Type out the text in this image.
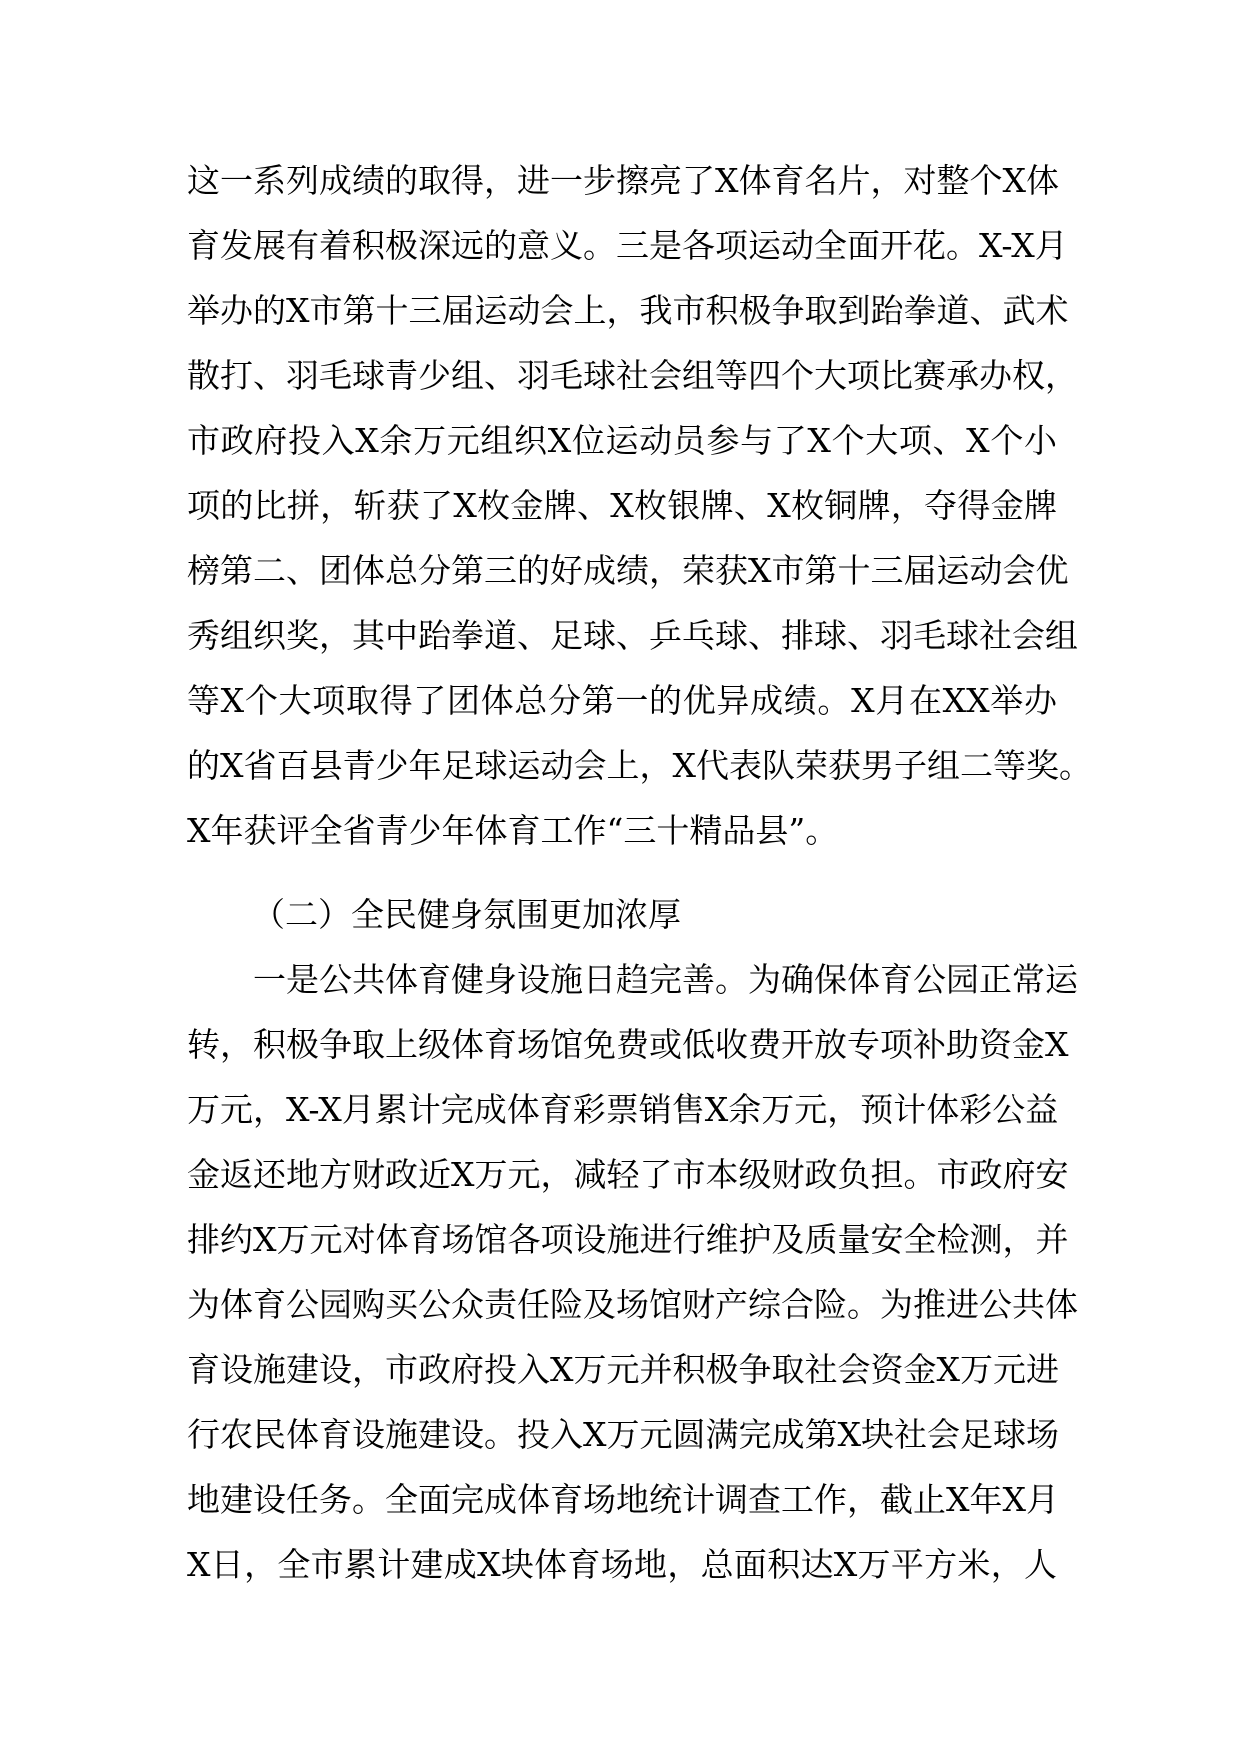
这一系列成绩的取得，进一步擦亮了X体育名片，对整个X体
育发展有着积极深远的意义。三是各项运动全面开花。X-X月
举办的X市第十三届运动会上，我市积极争取到跆拳道、武术
散打、羽毛球青少组、羽毛球社会组等四个大项比赛承办权，
市政府投入X余万元组织X位运动员参与了X个大项、X个小
项的比拼，斩获了X枚金牌、X枚银牌、X枚铜牌，夺得金牌
榜第二、团体总分第三的好成绩，荣获X市第十三届运动会优
秀组织奖，其中跆拳道、足球、乒乓球、排球、羽毛球社会组
等X个大项取得了团体总分第一的优异成绩。X月在XX举办
的X省百县青少年足球运动会上，X代表队荣获男子组二等奖。
X年获评全省青少年体育工作“三十精品县”。
（二）全民健身氛围更加浓厚
一是公共体育健身设施日趋完善。为确保体育公园正常运
转，积极争取上级体育场馆免费或低收费开放专项补助资金X
万元，X-X月累计完成体育彩票销售X余万元，预计体彩公益
金返还地方财政近X万元，减轻了市本级财政负担。市政府安
排约X万元对体育场馆各项设施进行维护及质量安全检测，并
为体育公园购买公众责任险及场馆财产综合险。为推进公共体
育设施建设，市政府投入X万元并积极争取社会资金X万元进
行农民体育设施建设。投入X万元圆满完成第X块社会足球场
地建设任务。全面完成体育场地统计调查工作，截止X年X月
X日，全市累计建成X块体育场地，总面积达X万平方米，人
